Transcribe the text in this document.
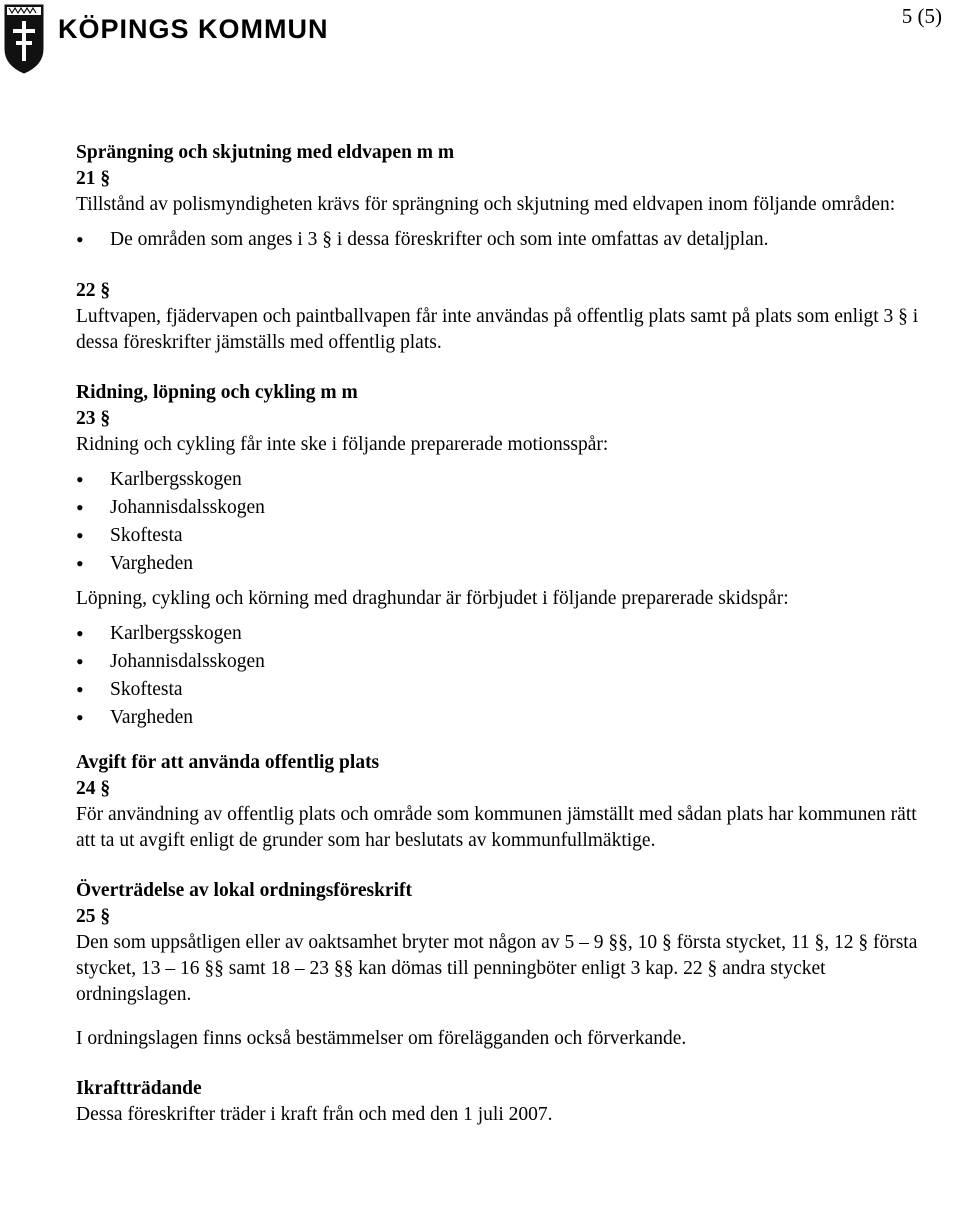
KÖPINGS KOMMUN	5 (5)

Sprängning och skjutning med eldvapen m m

21 §

Tillstånd av polismyndigheten krävs för sprängning och skjutning med eldvapen inom följande områden:

• De områden som anges i 3 § i dessa föreskrifter och som inte omfattas av detaljplan.

22 §

Luftvapen, fjädervapen och paintballvapen får inte användas på offentlig plats samt på plats som enligt 3 § i dessa föreskrifter jämställs med offentlig plats.

Ridning, löpning och cykling m m

23 §

Ridning och cykling får inte ske i följande preparerade motionsspår:

• Karlbergsskogen
• Johannisdalsskogen
• Skoftesta
• Vargheden

Löpning, cykling och körning med draghundar är förbjudet i följande preparerade skidspår:

• Karlbergsskogen
• Johannisdalsskogen
• Skoftesta
• Vargheden

Avgift för att använda offentlig plats

24 §

För användning av offentlig plats och område som kommunen jämställt med sådan plats har kommunen rätt att ta ut avgift enligt de grunder som har beslutats av kommunfullmäktige.

Överträdelse av lokal ordningsföreskrift

25 §

Den som uppsåtligen eller av oaktsamhet bryter mot någon av 5 – 9 §§, 10 § första stycket, 11 §, 12 § första stycket, 13 – 16 §§ samt 18 – 23 §§ kan dömas till penningböter enligt 3 kap. 22 § andra stycket ordningslagen.

I ordningslagen finns också bestämmelser om förelägganden och förverkande.

Ikraftträdande

Dessa föreskrifter träder i kraft från och med den 1 juli 2007.
